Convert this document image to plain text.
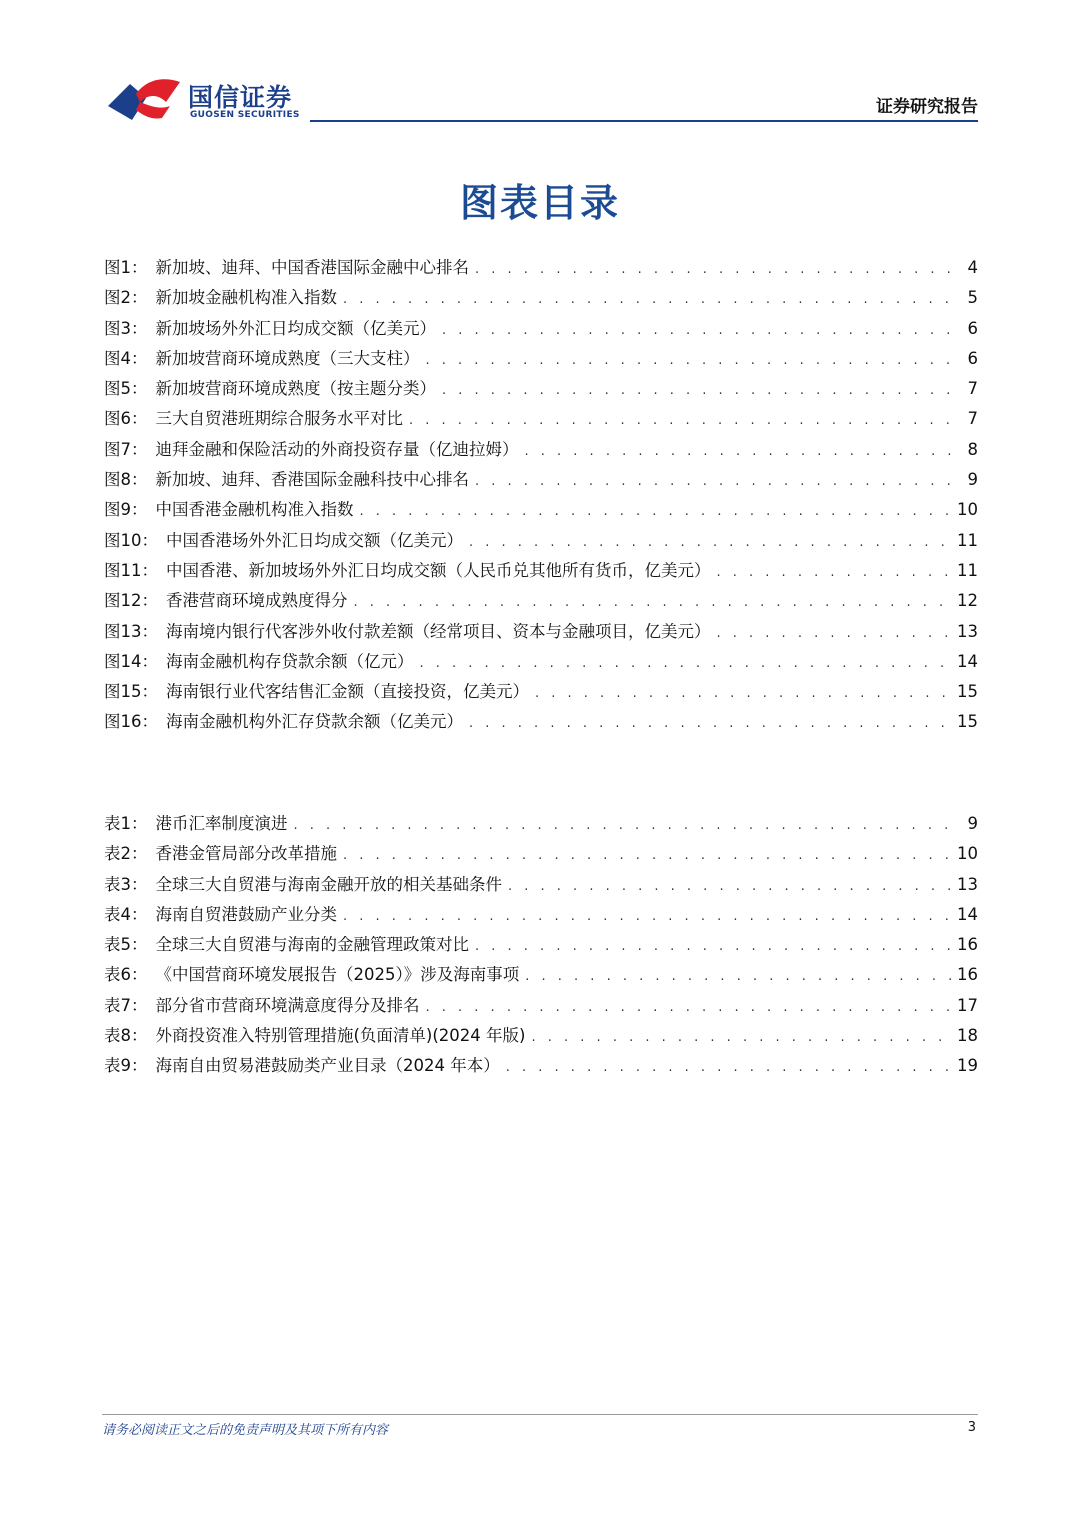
国信证券
GUOSEN SECURITIES	证券研究报告
图表目录
图1： 新加坡、迪拜、中国香港国际金融中心排名 . . .	4
图2： 新加坡金融机构准入指数 . . .	5
图3： 新加坡场外外汇日均成交额（亿美元） . . .	6
图4： 新加坡营商环境成熟度（三大支柱） . . .	6
图5： 新加坡营商环境成熟度（按主题分类） . . .	7
图6： 三大自贸港班期综合服务水平对比 . . .	7
图7： 迪拜金融和保险活动的外商投资存量（亿迪拉姆） . . .	8
图8： 新加坡、迪拜、香港国际金融科技中心排名 . . .	9
图9： 中国香港金融机构准入指数 . . .	10
图10： 中国香港场外外汇日均成交额（亿美元） . . .	11
图11： 中国香港、新加坡场外外汇日均成交额（人民币兑其他所有货币，亿美元） . . .	11
图12： 香港营商环境成熟度得分 . . .	12
图13： 海南境内银行代客涉外收付款差额（经常项目、资本与金融项目，亿美元） . . .	13
图14： 海南金融机构存贷款余额（亿元） . . .	14
图15： 海南银行业代客结售汇金额（直接投资，亿美元） . . .	15
图16： 海南金融机构外汇存贷款余额（亿美元） . . .	15
表1： 港币汇率制度演进 . . .	9
表2： 香港金管局部分改革措施 . . .	10
表3： 全球三大自贸港与海南金融开放的相关基础条件 . . .	13
表4： 海南自贸港鼓励产业分类 . . .	14
表5： 全球三大自贸港与海南的金融管理政策对比 . . .	16
表6： 《中国营商环境发展报告（2025）》涉及海南事项 . . .	16
表7： 部分省市营商环境满意度得分及排名 . . .	17
表8： 外商投资准入特别管理措施(负面清单)(2024 年版) . . .	18
表9： 海南自由贸易港鼓励类产业目录（2024 年本） . . .	19
请务必阅读正文之后的免责声明及其项下所有内容	3
